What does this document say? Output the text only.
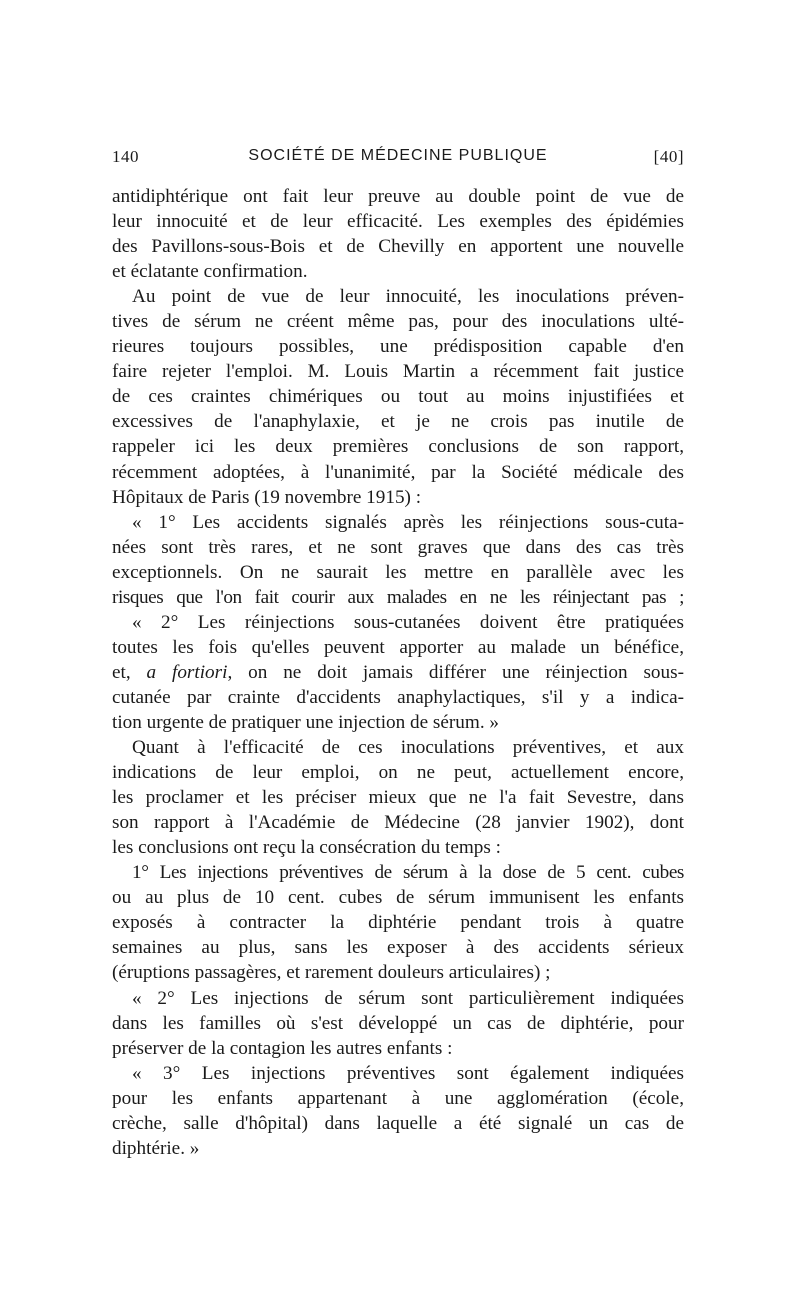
140	SOCIÉTÉ DE MÉDECINE PUBLIQUE	[40]
antidiphtérique ont fait leur preuve au double point de vue de
leur innocuité et de leur efficacité. Les exemples des épidémies
des Pavillons-sous-Bois et de Chevilly en apportent une nouvelle
et éclatante confirmation.
Au point de vue de leur innocuité, les inoculations préven-
tives de sérum ne créent même pas, pour des inoculations ulté-
rieures toujours possibles, une prédisposition capable d'en
faire rejeter l'emploi. M. Louis Martin a récemment fait justice
de ces craintes chimériques ou tout au moins injustifiées et
excessives de l'anaphylaxie, et je ne crois pas inutile de
rappeler ici les deux premières conclusions de son rapport,
récemment adoptées, à l'unanimité, par la Société médicale des
Hôpitaux de Paris (19 novembre 1915) :
« 1° Les accidents signalés après les réinjections sous-cuta-
nées sont très rares, et ne sont graves que dans des cas très
exceptionnels. On ne saurait les mettre en parallèle avec les
risques que l'on fait courir aux malades en ne les réinjectant pas ;
« 2° Les réinjections sous-cutanées doivent être pratiquées
toutes les fois qu'elles peuvent apporter au malade un bénéfice,
et, a fortiori, on ne doit jamais différer une réinjection sous-
cutanée par crainte d'accidents anaphylactiques, s'il y a indica-
tion urgente de pratiquer une injection de sérum. »
Quant à l'efficacité de ces inoculations préventives, et aux
indications de leur emploi, on ne peut, actuellement encore,
les proclamer et les préciser mieux que ne l'a fait Sevestre, dans
son rapport à l'Académie de Médecine (28 janvier 1902), dont
les conclusions ont reçu la consécration du temps :
1° Les injections préventives de sérum à la dose de 5 cent. cubes
ou au plus de 10 cent. cubes de sérum immunisent les enfants
exposés à contracter la diphtérie pendant trois à quatre
semaines au plus, sans les exposer à des accidents sérieux
(éruptions passagères, et rarement douleurs articulaires) ;
« 2° Les injections de sérum sont particulièrement indiquées
dans les familles où s'est développé un cas de diphtérie, pour
préserver de la contagion les autres enfants :
« 3° Les injections préventives sont également indiquées
pour les enfants appartenant à une agglomération (école,
crèche, salle d'hôpital) dans laquelle a été signalé un cas de
diphtérie. »
